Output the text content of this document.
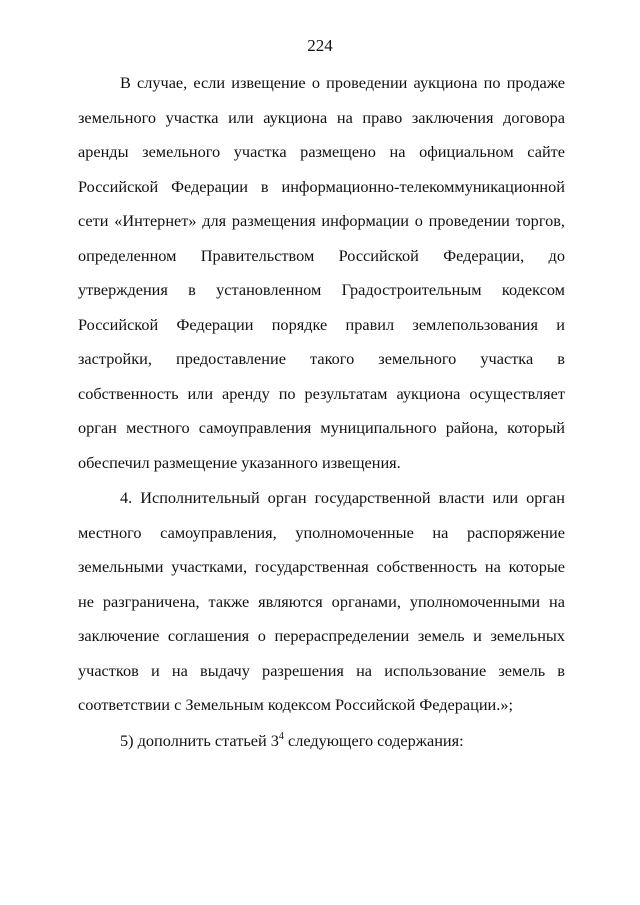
224

В случае, если извещение о проведении аукциона по продаже земельного участка или аукциона на право заключения договора аренды земельного участка размещено на официальном сайте Российской Федерации в информационно-телекоммуникационной сети «Интернет» для размещения информации о проведении торгов, определенном Правительством Российской Федерации, до утверждения в установленном Градостроительным кодексом Российской Федерации порядке правил землепользования и застройки, предоставление такого земельного участка в собственность или аренду по результатам аукциона осуществляет орган местного самоуправления муниципального района, который обеспечил размещение указанного извещения.

4. Исполнительный орган государственной власти или орган местного самоуправления, уполномоченные на распоряжение земельными участками, государственная собственность на которые не разграничена, также являются органами, уполномоченными на заключение соглашения о перераспределении земель и земельных участков и на выдачу разрешения на использование земель в соответствии с Земельным кодексом Российской Федерации.»;

5) дополнить статьей $3^4$ следующего содержания:
